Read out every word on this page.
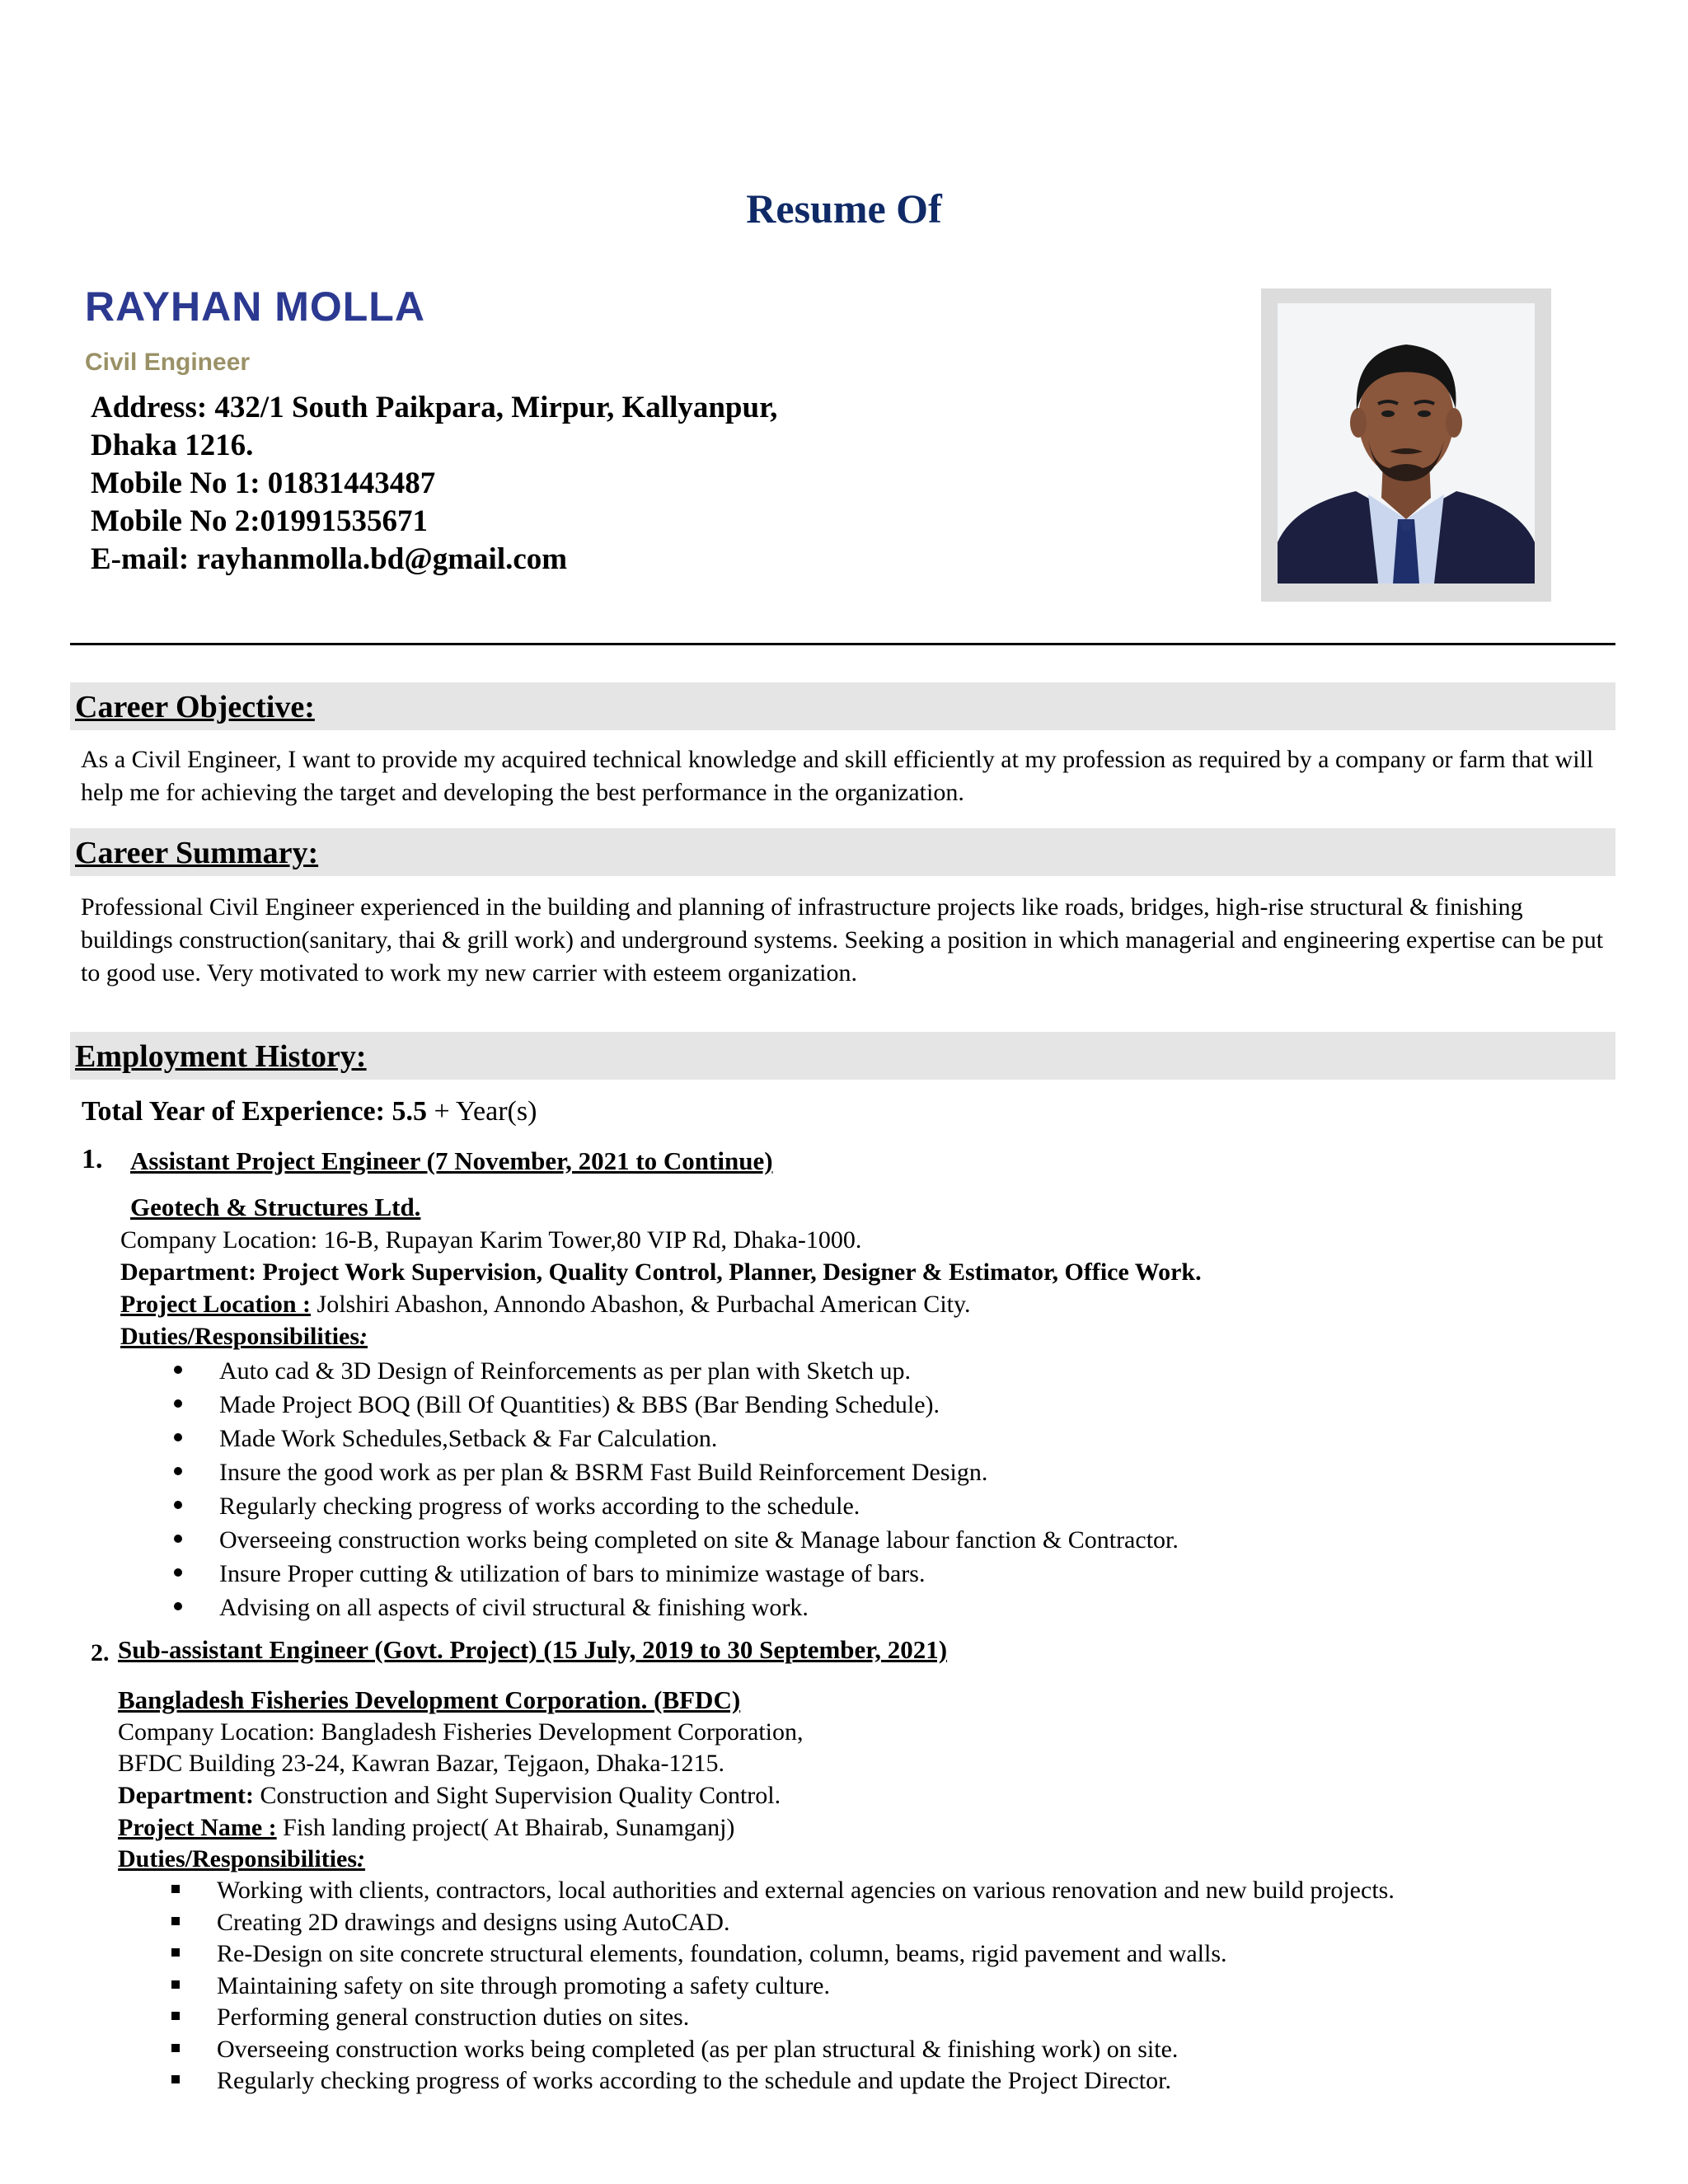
Resume Of
RAYHAN MOLLA
Civil Engineer
Address: 432/1 South Paikpara, Mirpur, Kallyanpur,
Dhaka 1216.
Mobile No 1: 01831443487
Mobile No 2:01991535671
E-mail: rayhanmolla.bd@gmail.com
Career Objective:
As a Civil Engineer, I want to provide my acquired technical knowledge and skill efficiently at my profession as required by a company or farm that will help me for achieving the target and developing the best performance in the organization.
Career Summary:
Professional Civil Engineer experienced in the building and planning of infrastructure projects like roads, bridges, high-rise structural & finishing buildings construction(sanitary, thai & grill work) and underground systems. Seeking a position in which managerial and engineering expertise can be put to good use. Very motivated to work my new carrier with esteem organization.
Employment History:
Total Year of Experience: 5.5 + Year(s)
1. Assistant Project Engineer (7 November, 2021 to Continue)
Geotech & Structures Ltd.
Company Location: 16-B, Rupayan Karim Tower,80 VIP Rd, Dhaka-1000.
Department: Project Work Supervision, Quality Control, Planner, Designer & Estimator, Office Work.
Project Location : Jolshiri Abashon, Annondo Abashon, & Purbachal American City.
Duties/Responsibilities:
Auto cad & 3D Design of Reinforcements as per plan with Sketch up.
Made Project BOQ (Bill Of Quantities) & BBS (Bar Bending Schedule).
Made Work Schedules,Setback & Far Calculation.
Insure the good work as per plan & BSRM Fast Build Reinforcement Design.
Regularly checking progress of works according to the schedule.
Overseeing construction works being completed on site & Manage labour fanction & Contractor.
Insure Proper cutting & utilization of bars to minimize wastage of bars.
Advising on all aspects of civil structural & finishing work.
2. Sub-assistant Engineer (Govt. Project) (15 July, 2019 to 30 September, 2021)
Bangladesh Fisheries Development Corporation. (BFDC)
Company Location: Bangladesh Fisheries Development Corporation,
BFDC Building 23-24, Kawran Bazar, Tejgaon, Dhaka-1215.
Department: Construction and Sight Supervision Quality Control.
Project Name : Fish landing project( At Bhairab, Sunamganj)
Duties/Responsibilities:
Working with clients, contractors, local authorities and external agencies on various renovation and new build projects.
Creating 2D drawings and designs using AutoCAD.
Re-Design on site concrete structural elements, foundation, column, beams, rigid pavement and walls.
Maintaining safety on site through promoting a safety culture.
Performing general construction duties on sites.
Overseeing construction works being completed (as per plan structural & finishing work) on site.
Regularly checking progress of works according to the schedule and update the Project Director.
